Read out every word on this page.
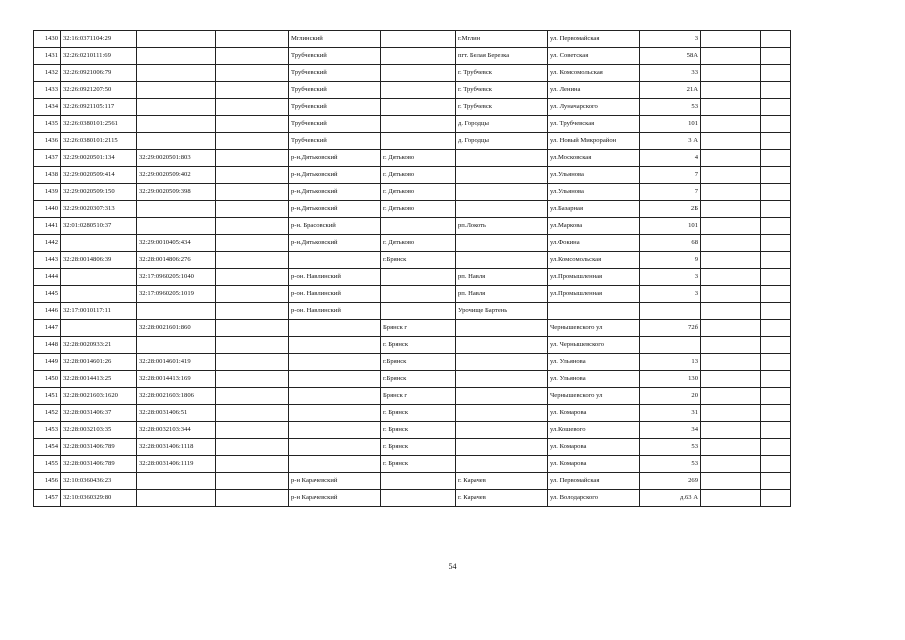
1430	32:16:0371104:29			Мглинский		г.Мглин	ул. Первомайская	3		
1431	32:26:0210111:69			Трубчевский		пгт. Белая Березка	ул. Советская	58А		
1432	32:26:0921006:79			Трубчевский		г. Трубчевск	ул. Комсомольская	33		
1433	32:26:0921207:50			Трубчевский		г. Трубчевск	ул. Ленина	21А		
1434	32:26:0921105:117			Трубчевский		г. Трубчевск	ул. Луначарского	53		
1435	32:26:0380101:2561			Трубчевский		д. Городцы	ул. Трубчевская	101		
1436	32:26:0380101:2115			Трубчевский		д. Городцы	ул. Новый Микрорайон	3 А		
1437	32:29:0020501:134	32:29:0020501:803		р-н.Дятьковский	г. Дятьково		ул.Московская	4		
1438	32:29:0020509:414	32:29:0020509:402		р-н.Дятьковский	г. Дятьково		ул.Ульянова	7		
1439	32:29:0020509:150	32:29:0020509:398		р-н.Дятьковский	г. Дятьково		ул.Ульянова	7		
1440	32:29:0020307:313			р-н.Дятьковский	г. Дятьково		ул.Базарная	2Б		
1441	32:01:0280510:37			р-н. Брасовский		рп.Локоть	ул.Маркова	101		
1442		32:29:0010405:434		р-н.Дятьковский	г. Дятьково		ул.Фокина	68		
1443	32:28:0014806:39	32:28:0014806:276			г.Брянск		ул.Комсомольская	9		
1444		32:17:0960205:1040		р-он. Навлинский		рп. Навля	ул.Промышленная	3		
1445		32:17:0960205:1019		р-он. Навлинский		рп. Навля	ул.Промышленная	3		
1446	32:17:0010117:11			р-он. Навлинский		Урочище Бартень				
1447		32:28:0021601:860			Брянск г		Чернышевского ул	72б		
1448	32:28:0020933:21				г. Брянск		ул. Чернышевского			
1449	32:28:0014601:26	32:28:0014601:419			г.Брянск		ул. Ульянова	13		
1450	32:28:0014413:25	32:28:0014413:169			г.Брянск		ул. Ульянова	130		
1451	32:28:0021603:1620	32:28:0021603:1806			Брянск г		Чернышевского ул	20		
1452	32:28:0031406:37	32:28:0031406:51			г. Брянск		ул. Комарова	31		
1453	32:28:0032103:35	32:28:0032103:344			г. Брянск		ул.Кошевого	34		
1454	32:28:0031406:789	32:28:0031406:1118			г. Брянск		ул. Комарова	53		
1455	32:28:0031406:789	32:28:0031406:1119			г. Брянск		ул. Комарова	53		
1456	32:10:0360436:23			р-н Карачевский		г. Карачев	ул. Первомайская	269		
1457	32:10:0360329:80			р-н Карачевский		г. Карачев	ул. Володарского	д.63 А		
54
